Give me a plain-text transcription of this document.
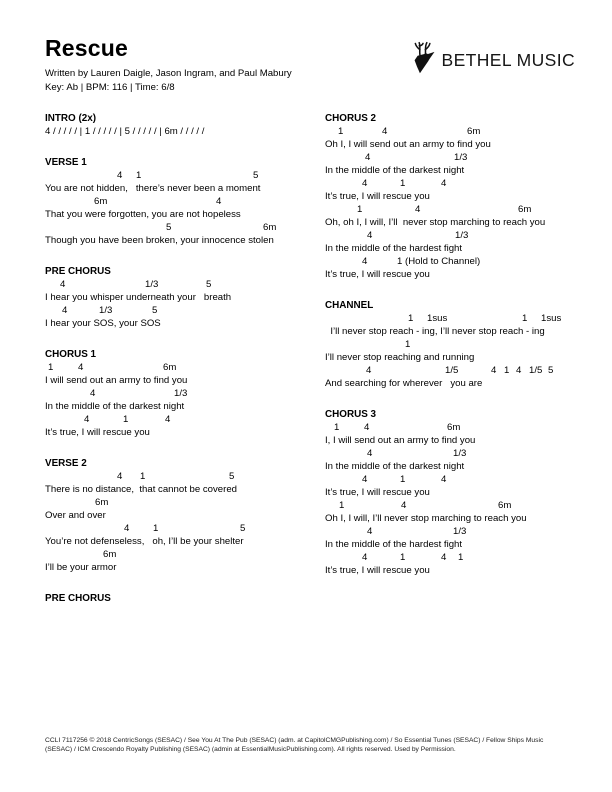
Rescue
Written by Lauren Daigle, Jason Ingram, and Paul Mabury
Key: Ab | BPM: 116 | Time: 6/8
BETHEL MUSIC
INTRO (2x)
4 / / / / / | 1 / / / / / | 5 / / / / / | 6m / / / / /
VERSE 1
4 1	5
You are not hidden,   there’s never been a moment
6m	4
That you were forgotten, you are not hopeless
5	6m
Though you have been broken, your innocence stolen
PRE CHORUS
4	1/3	5
I hear you whisper underneath your   breath
4	1/3	5
I hear your SOS, your SOS
CHORUS 1
1	4	6m
I will send out an army to find you
4	1/3
In the middle of the darkest night
4	1	4
It’s true, I will rescue you
VERSE 2
4 1	5
There is no distance,  that cannot be covered
6m
Over and over
4 1	5
You’re not defenseless,   oh, I’ll be your shelter
6m
I’ll be your armor
PRE CHORUS
CHORUS 2
1	4	6m
Oh I, I will send out an army to find you
4	1/3
In the middle of the darkest night
4	1	4
It’s true, I will rescue you
1	4	6m
Oh, oh I, I will, I’ll  never stop marching to reach you
4	1/3
In the middle of the hardest fight
4	1 (Hold to Channel)
It’s true, I will rescue you
CHANNEL
1 1sus	1 1sus
I’ll never stop reach - ing, I’ll never stop reach - ing
1
I’ll never stop reaching and running
4	1/5	4 1 4 1/5 5
And searching for wherever   you are
CHORUS 3
1	4	6m
I, I will send out an army to find you
4	1/3
In the middle of the darkest night
4	1	4
It’s true, I will rescue you
1	4	6m
Oh I, I will, I’ll never stop marching to reach you
4	1/3
In the middle of the hardest fight
4	1	4 1
It’s true, I will rescue you
CCLI 7117256 © 2018 CentricSongs (SESAC) / See You At The Pub (SESAC) (adm. at CapitolCMGPublishing.com) / So Essential Tunes (SESAC) / Fellow Ships Music
(SESAC) / ICM Crescendo Royalty Publishing (SESAC) (admin at EssentialMusicPublishing.com). All rights reserved. Used by Permission.
